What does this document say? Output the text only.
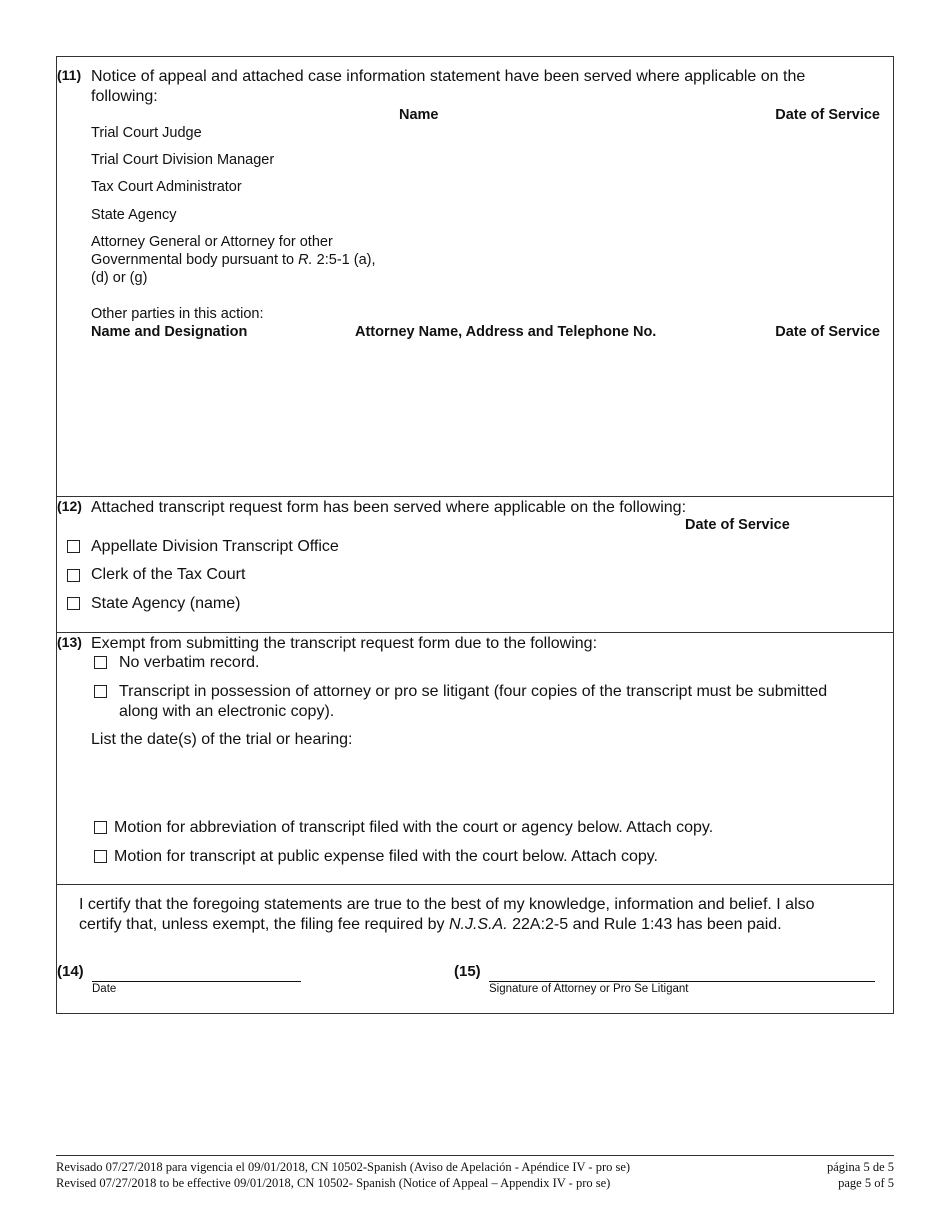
(11) Notice of appeal and attached case information statement have been served where applicable on the
following:
Name	Date of Service
Trial Court Judge
Trial Court Division Manager
Tax Court Administrator
State Agency
Attorney General or Attorney for other
Governmental body pursuant to R. 2:5-1 (a),
(d) or (g)
Other parties in this action:
Name and Designation	Attorney Name, Address and Telephone No.	Date of Service
(12) Attached transcript request form has been served where applicable on the following:
Date of Service
Appellate Division Transcript Office
Clerk of the Tax Court
State Agency (name)
(13) Exempt from submitting the transcript request form due to the following:
No verbatim record.
Transcript in possession of attorney or pro se litigant (four copies of the transcript must be submitted
along with an electronic copy).
List the date(s) of the trial or hearing:
Motion for abbreviation of transcript filed with the court or agency below. Attach copy.
Motion for transcript at public expense filed with the court below. Attach copy.
I certify that the foregoing statements are true to the best of my knowledge, information and belief. I also
certify that, unless exempt, the filing fee required by N.J.S.A. 22A:2-5 and Rule 1:43 has been paid.
(14)
Date
(15)
Signature of Attorney or Pro Se Litigant
Revisado 07/27/2018 para vigencia el 09/01/2018, CN 10502-Spanish (Aviso de Apelación - Apéndice IV - pro se)
Revised 07/27/2018 to be effective 09/01/2018, CN 10502- Spanish (Notice of Appeal – Appendix IV - pro se)
página 5 de 5
page 5 of 5
